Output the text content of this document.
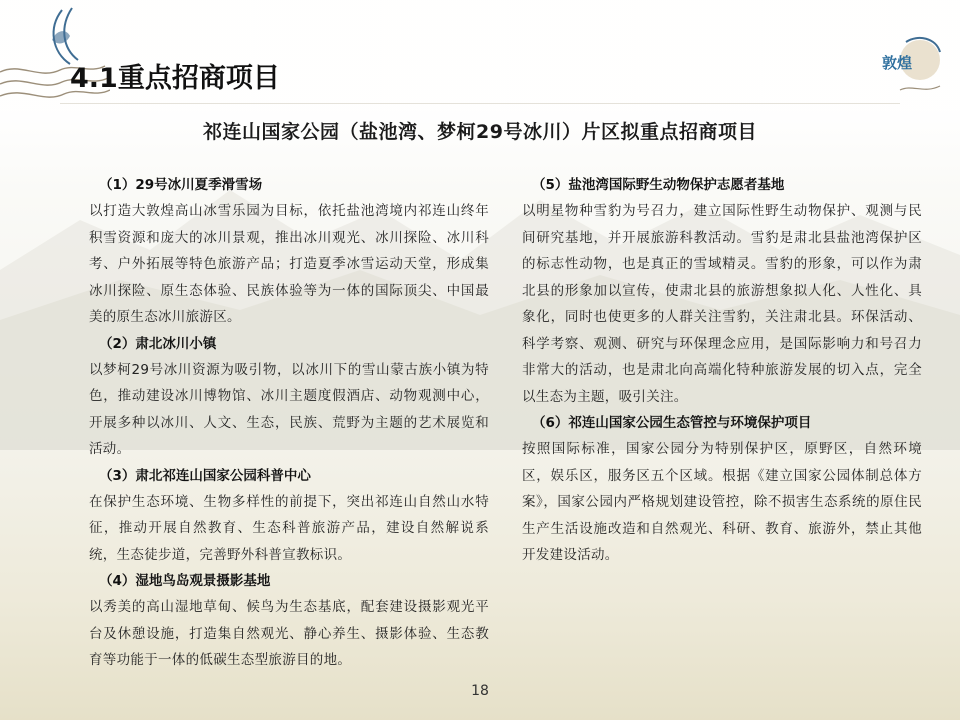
敦煌
4.1重点招商项目
祁连山国家公园（盐池湾、梦柯29号冰川）片区拟重点招商项目

（1）29号冰川夏季滑雪场

以打造大敦煌高山冰雪乐园为目标，依托盐池湾境内祁连山终年积雪资源和庞大的冰川景观，推出冰川观光、冰川探险、冰川科考、户外拓展等特色旅游产品；打造夏季冰雪运动天堂，形成集冰川探险、原生态体验、民族体验等为一体的国际顶尖、中国最美的原生态冰川旅游区。

（2）肃北冰川小镇

以梦柯29号冰川资源为吸引物，以冰川下的雪山蒙古族小镇为特色，推动建设冰川博物馆、冰川主题度假酒店、动物观测中心，开展多种以冰川、人文、生态，民族、荒野为主题的艺术展览和活动。

（3）肃北祁连山国家公园科普中心

在保护生态环境、生物多样性的前提下，突出祁连山自然山水特征，推动开展自然教育、生态科普旅游产品，建设自然解说系统，生态徒步道，完善野外科普宣教标识。

（4）湿地鸟岛观景摄影基地

以秀美的高山湿地草甸、候鸟为生态基底，配套建设摄影观光平台及休憩设施，打造集自然观光、静心养生、摄影体验、生态教育等功能于一体的低碳生态型旅游目的地。

（5）盐池湾国际野生动物保护志愿者基地

以明星物种雪豹为号召力，建立国际性野生动物保护、观测与民间研究基地，并开展旅游科教活动。雪豹是肃北县盐池湾保护区的标志性动物，也是真正的雪域精灵。雪豹的形象，可以作为肃北县的形象加以宣传，使肃北县的旅游想象拟人化、人性化、具象化，同时也使更多的人群关注雪豹，关注肃北县。环保活动、科学考察、观测、研究与环保理念应用，是国际影响力和号召力非常大的活动，也是肃北向高端化特种旅游发展的切入点，完全以生态为主题，吸引关注。

（6）祁连山国家公园生态管控与环境保护项目

按照国际标准，国家公园分为特别保护区，原野区，自然环境区，娱乐区，服务区五个区域。根据《建立国家公园体制总体方案》，国家公园内严格规划建设管控，除不损害生态系统的原住民生产生活设施改造和自然观光、科研、教育、旅游外，禁止其他开发建设活动。

18
